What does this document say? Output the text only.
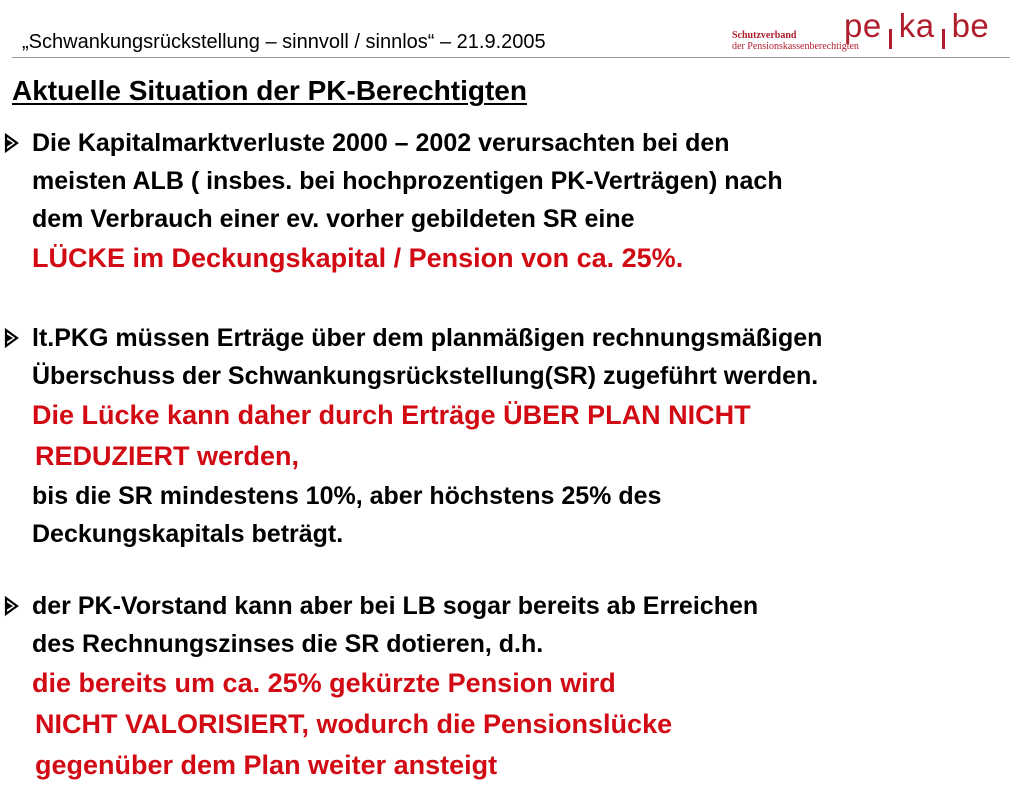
„Schwankungsrückstellung – sinnvoll / sinnlos“ – 21.9.2005	Schutzverband
der Pensionskassenberechtigten
pe ka be
Aktuelle Situation der PK-Berechtigten
Die Kapitalmarktverluste 2000 – 2002 verursachten bei den
meisten ALB ( insbes. bei hochprozentigen PK-Verträgen) nach
dem Verbrauch einer ev. vorher gebildeten SR eine
LÜCKE im Deckungskapital / Pension von ca. 25%.
lt.PKG müssen Erträge über dem planmäßigen rechnungsmäßigen
Überschuss der Schwankungsrückstellung(SR) zugeführt werden.
Die Lücke kann daher durch Erträge ÜBER PLAN NICHT
REDUZIERT werden,
bis die SR mindestens 10%, aber höchstens 25% des
Deckungskapitals beträgt.
der PK-Vorstand kann aber bei LB sogar bereits ab Erreichen
des Rechnungszinses die SR dotieren, d.h.
die bereits um ca. 25% gekürzte Pension wird
NICHT VALORISIERT, wodurch die Pensionslücke
gegenüber dem Plan weiter ansteigt
